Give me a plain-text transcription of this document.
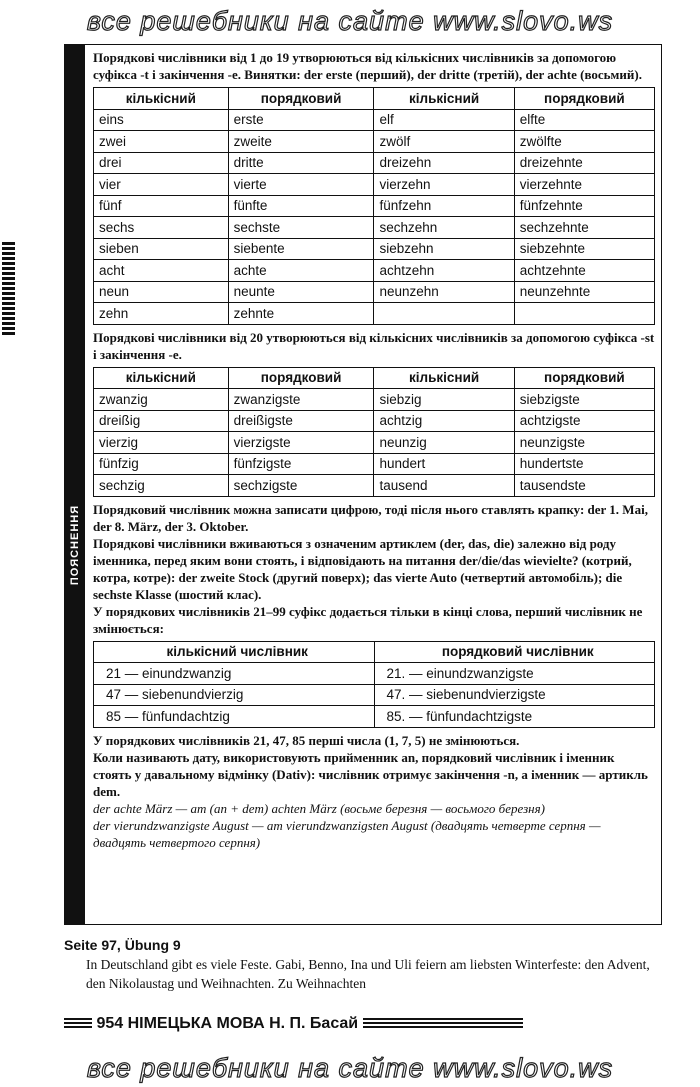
все решебники на сайте www.slovo.ws
ПОЯСНЕННЯ

Порядкові числівники від 1 до 19 утворюються від кількісних числівників за допомогою суфікса -t і закінчення -e. Винятки: der erste (перший), der dritte (третій), der achte (восьмий).

кількісний	порядковий	кількісний	порядковий
eins	erste	elf	elfte
zwei	zweite	zwölf	zwölfte
drei	dritte	dreizehn	dreizehnte
vier	vierte	vierzehn	vierzehnte
fünf	fünfte	fünfzehn	fünfzehnte
sechs	sechste	sechzehn	sechzehnte
sieben	siebente	siebzehn	siebzehnte
acht	achte	achtzehn	achtzehnte
neun	neunte	neunzehn	neunzehnte
zehn	zehnte		

Порядкові числівники від 20 утворюються від кількісних числівників за допомогою суфікса -st і закінчення -e.

кількісний	порядковий	кількісний	порядковий
zwanzig	zwanzigste	siebzig	siebzigste
dreißig	dreißigste	achtzig	achtzigste
vierzig	vierzigste	neunzig	neunzigste
fünfzig	fünfzigste	hundert	hundertste
sechzig	sechzigste	tausend	tausendste

Порядковий числівник можна записати цифрою, тоді після нього ставлять крапку: der 1. Mai, der 8. März, der 3. Oktober.

Порядкові числівники вживаються з означеним артиклем (der, das, die) залежно від роду іменника, перед яким вони стоять, і відповідають на питання der/die/das wievielte? (котрий, котра, котре): der zweite Stock (другий поверх); das vierte Auto (четвертий автомобіль); die sechste Klasse (шостий клас).

У порядкових числівників 21–99 суфікс додається тільки в кінці слова, перший числівник не змінюється:

кількісний числівник	порядковий числівник
21 — einundzwanzig	21. — einundzwanzigste
47 — siebenundvierzig	47. — siebenundvierzigste
85 — fünfundachtzig	85. — fünfundachtzigste

У порядкових числівників 21, 47, 85 перші числа (1, 7, 5) не змінюються.

Коли називають дату, використовують прийменник an, порядковий числівник і іменник стоять у давальному відмінку (Dativ): числівник отримує закінчення -n, а іменник — артикль dem.

der achte März — am (an + dem) achten März (восьме березня — восьмого березня)

der vierundzwanzigste August — am vierundzwanzigsten August (двадцять четверте серпня — двадцять четвертого серпня)

Seite 97, Übung 9
In Deutschland gibt es viele Feste. Gabi, Benno, Ina und Uli feiern am liebsten Winterfeste: den Advent, den Nikolaustag und Weihnachten. Zu Weihnachten
954 НІМЕЦЬКА МОВА Н. П. Басай
все решебники на сайте www.slovo.ws
